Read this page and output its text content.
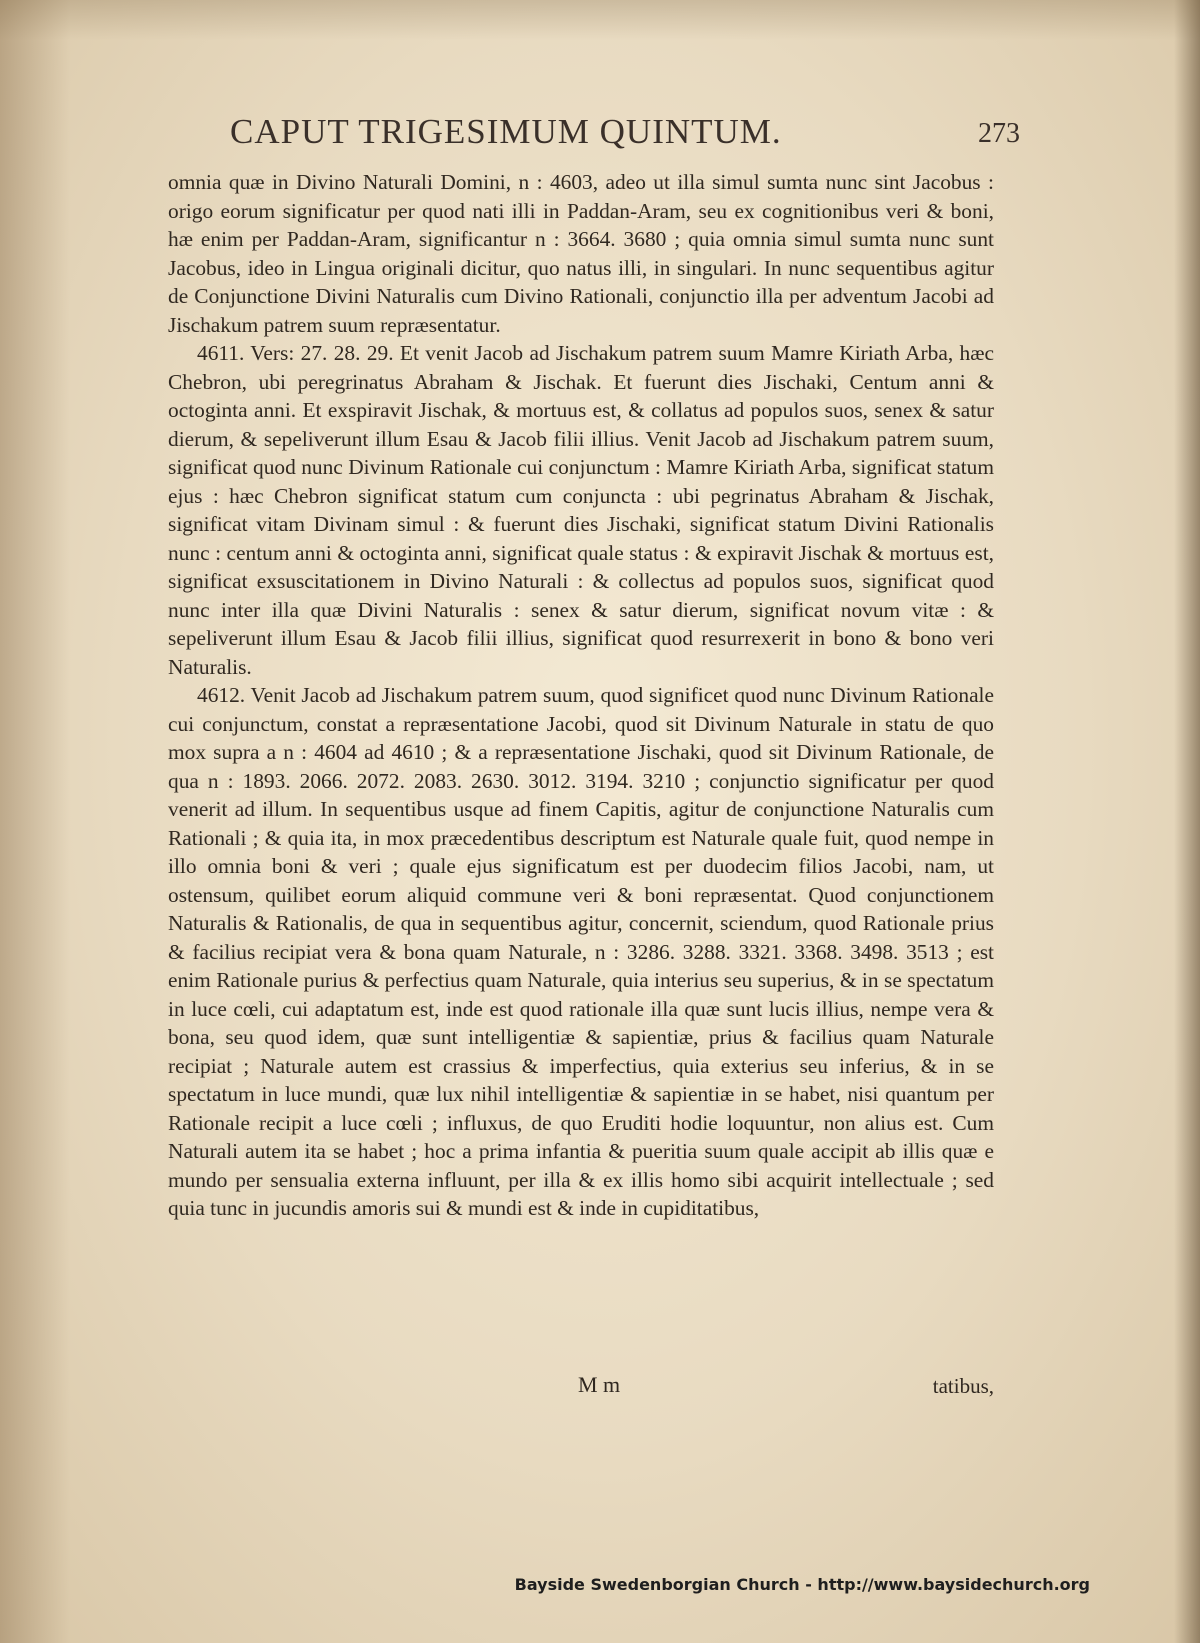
CAPUT TRIGESIMUM QUINTUM.	273

omnia quæ in Divino Naturali Domini, n : 4603, adeo ut illa simul sumta nunc sint Jacobus : origo eorum significatur per quod nati illi in Paddan-Aram, seu ex cognitionibus veri & boni, hæ enim per Paddan-Aram, significantur n : 3664. 3680 ; quia omnia simul sumta nunc sunt Jacobus, ideo in Lingua originali dicitur, quo natus illi, in singulari. In nunc sequentibus agitur de Conjunctione Divini Naturalis cum Divino Rationali, conjunctio illa per adventum Jacobi ad Jischakum patrem suum repræsentatur.

4611. Vers: 27. 28. 29. Et venit Jacob ad Jischakum patrem suum Mamre Kiriath Arba, hæc Chebron, ubi peregrinatus Abraham & Jischak. Et fuerunt dies Jischaki, Centum anni & octoginta anni. Et exspiravit Jischak, & mortuus est, & collatus ad populos suos, senex & satur dierum, & sepeliverunt illum Esau & Jacob filii illius. Venit Jacob ad Jischakum patrem suum, significat quod nunc Divinum Rationale cui conjunctum : Mamre Kiriath Arba, significat statum ejus : hæc Chebron significat statum cum conjuncta : ubi pegrinatus Abraham & Jischak, significat vitam Divinam simul : & fuerunt dies Jischaki, significat statum Divini Rationalis nunc : centum anni & octoginta anni, significat quale status : & expiravit Jischak & mortuus est, significat exsuscitationem in Divino Naturali : & collectus ad populos suos, significat quod nunc inter illa quæ Divini Naturalis : senex & satur dierum, significat novum vitæ : & sepeliverunt illum Esau & Jacob filii illius, significat quod resurrexerit in bono & bono veri Naturalis.

4612. Venit Jacob ad Jischakum patrem suum, quod significet quod nunc Divinum Rationale cui conjunctum, constat a repræsentatione Jacobi, quod sit Divinum Naturale in statu de quo mox supra a n : 4604 ad 4610 ; & a repræsentatione Jischaki, quod sit Divinum Rationale, de qua n : 1893. 2066. 2072. 2083. 2630. 3012. 3194. 3210 ; conjunctio significatur per quod venerit ad illum. In sequentibus usque ad finem Capitis, agitur de conjunctione Naturalis cum Rationali ; & quia ita, in mox præcedentibus descriptum est Naturale quale fuit, quod nempe in illo omnia boni & veri ; quale ejus significatum est per duodecim filios Jacobi, nam, ut ostensum, quilibet eorum aliquid commune veri & boni repræsentat. Quod conjunctionem Naturalis & Rationalis, de qua in sequentibus agitur, concernit, sciendum, quod Rationale prius & facilius recipiat vera & bona quam Naturale, n : 3286. 3288. 3321. 3368. 3498. 3513 ; est enim Rationale purius & perfectius quam Naturale, quia interius seu superius, & in se spectatum in luce cœli, cui adaptatum est, inde est quod rationale illa quæ sunt lucis illius, nempe vera & bona, seu quod idem, quæ sunt intelligentiæ & sapientiæ, prius & facilius quam Naturale recipiat ; Naturale autem est crassius & imperfectius, quia exterius seu inferius, & in se spectatum in luce mundi, quæ lux nihil intelligentiæ & sapientiæ in se habet, nisi quantum per Rationale recipit a luce cœli ; influxus, de quo Eruditi hodie loquuntur, non alius est. Cum Naturali autem ita se habet ; hoc a prima infantia & pueritia suum quale accipit ab illis quæ e mundo per sensualia externa influunt, per illa & ex illis homo sibi acquirit intellectuale ; sed quia tunc in jucundis amoris sui & mundi est & inde in cupiditatibus,

M m	tatibus,
Bayside Swedenborgian Church - http://www.baysidechurch.org
